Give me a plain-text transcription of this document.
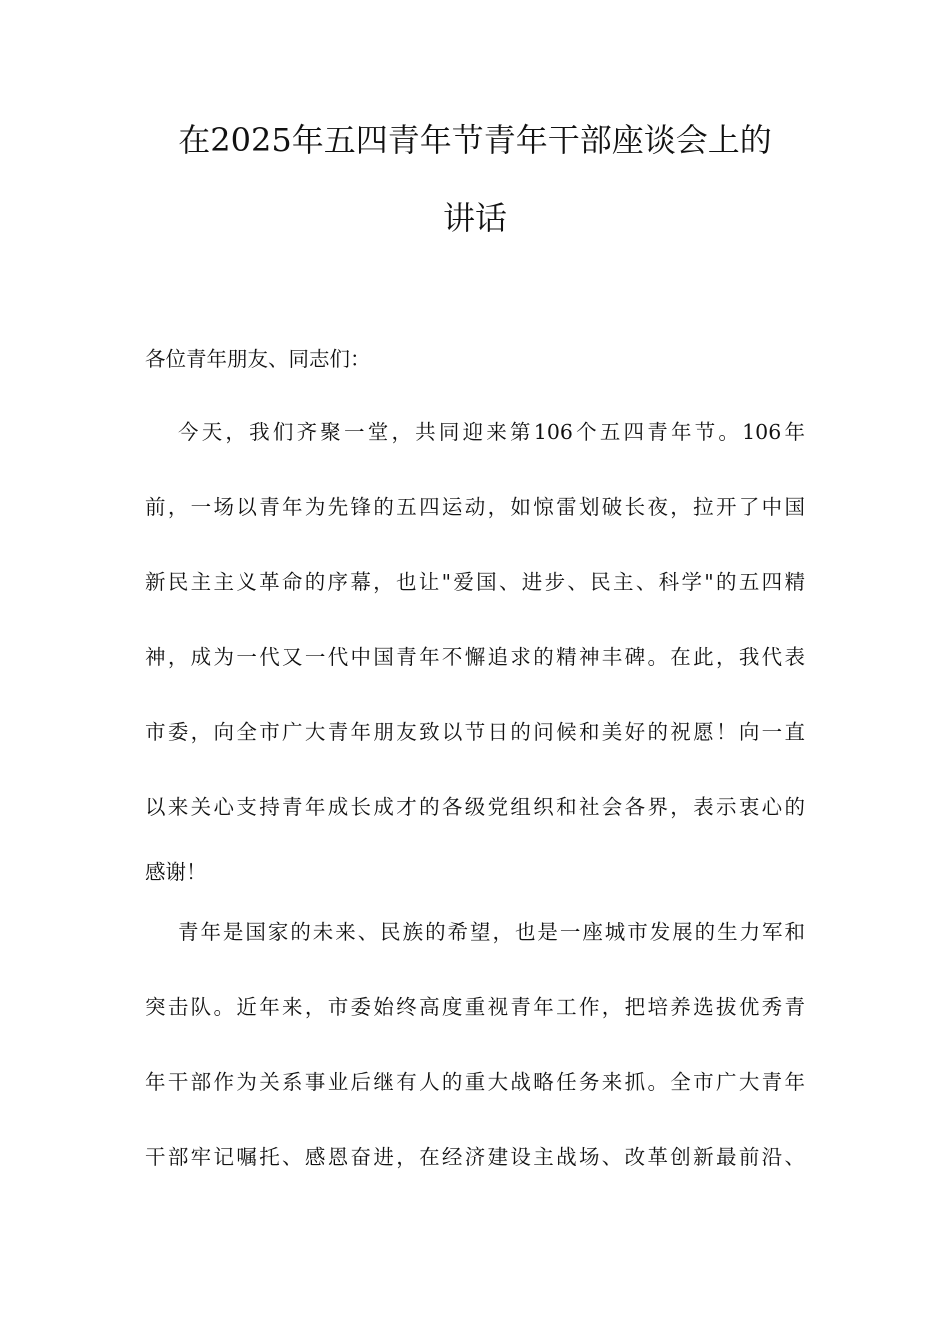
在2025年五四青年节青年干部座谈会上的
讲话
各位青年朋友、同志们：
今天，我们齐聚一堂，共同迎来第106个五四青年节。106年
前，一场以青年为先锋的五四运动，如惊雷划破长夜，拉开了中国
新民主主义革命的序幕，也让"爱国、进步、民主、科学"的五四精
神，成为一代又一代中国青年不懈追求的精神丰碑。在此，我代表
市委，向全市广大青年朋友致以节日的问候和美好的祝愿！向一直
以来关心支持青年成长成才的各级党组织和社会各界，表示衷心的
感谢！
青年是国家的未来、民族的希望，也是一座城市发展的生力军和
突击队。近年来，市委始终高度重视青年工作，把培养选拔优秀青
年干部作为关系事业后继有人的重大战略任务来抓。全市广大青年
干部牢记嘱托、感恩奋进，在经济建设主战场、改革创新最前沿、
